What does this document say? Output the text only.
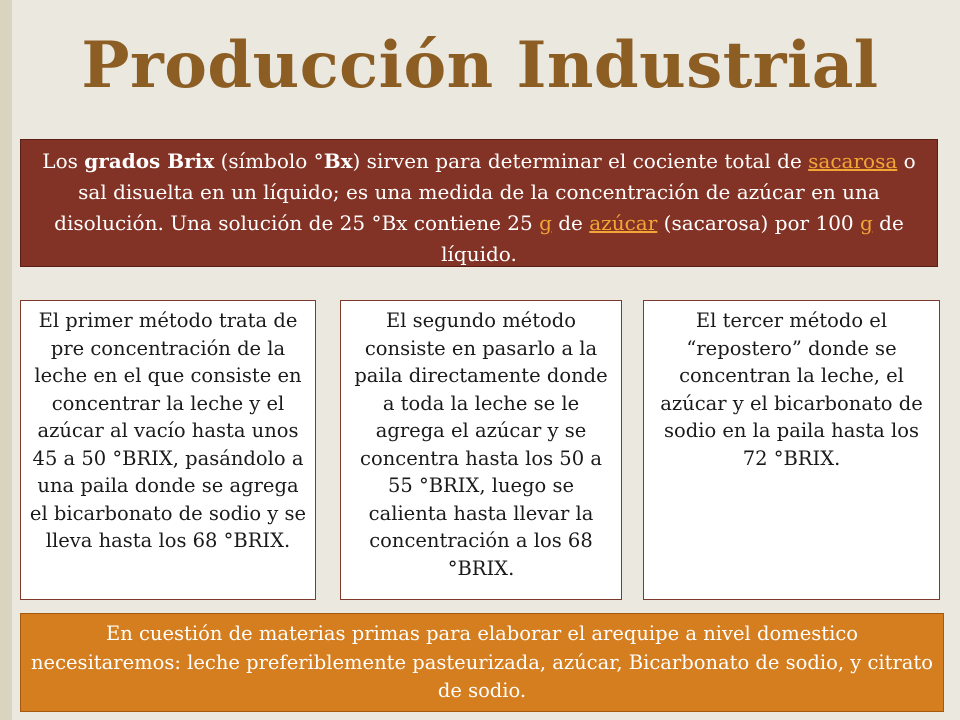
Producción Industrial
Los grados Brix (símbolo °Bx) sirven para determinar el cociente total de sacarosa o sal disuelta en un líquido; es una medida de la concentración de azúcar en una disolución. Una solución de 25 °Bx contiene 25 g de azúcar (sacarosa) por 100 g de líquido.
El primer método trata de pre concentración de la leche en el que consiste en concentrar la leche y el azúcar al vacío hasta unos 45 a 50 °BRIX, pasándolo a una paila donde se agrega el bicarbonato de sodio y se lleva hasta los 68 °BRIX.
El segundo método consiste en pasarlo a la paila directamente donde a toda la leche se le agrega el azúcar y se concentra hasta los 50 a 55 °BRIX, luego se calienta hasta llevar la concentración a los 68 °BRIX.
El tercer método el “repostero” donde se concentran la leche, el azúcar y el bicarbonato de sodio en la paila hasta los 72 °BRIX.
En cuestión de materias primas para elaborar el arequipe a nivel domestico necesitaremos: leche preferiblemente pasteurizada, azúcar, Bicarbonato de sodio, y citrato de sodio.
